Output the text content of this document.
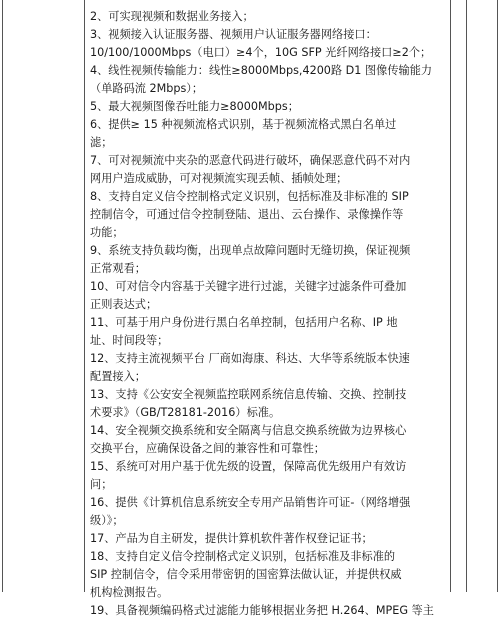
2、可实现视频和数据业务接入；
3、视频接入认证服务器、视频用户认证服务器网络接口：
10/100/1000Mbps（电口）≥4个，10G SFP 光纤网络接口≥2个；
4、线性视频传输能力：线性≥8000Mbps,4200路 D1 图像传输能力
（单路码流 2Mbps）；
5、最大视频图像吞吐能力≥8000Mbps；
6、提供≥ 15 种视频流格式识别，基于视频流格式黑白名单过
滤；
7、可对视频流中夹杂的恶意代码进行破坏，确保恶意代码不对内
网用户造成威胁，可对视频流实现丢帧、插帧处理；
8、支持自定义信令控制格式定义识别，包括标准及非标准的 SIP
控制信令，可通过信令控制登陆、退出、云台操作、录像操作等
功能；
9、系统支持负载均衡，出现单点故障问题时无缝切换，保证视频
正常观看；
10、可对信令内容基于关键字进行过滤，关键字过滤条件可叠加
正则表达式；
11、可基于用户身份进行黑白名单控制，包括用户名称、IP 地
址、时间段等；
12、支持主流视频平台 厂商如海康、科达、大华等系统版本快速
配置接入；
13、支持《公安安全视频监控联网系统信息传输、交换、控制技
术要求》（GB/T28181-2016）标准。
14、安全视频交换系统和安全隔离与信息交换系统做为边界核心
交换平台，应确保设备之间的兼容性和可靠性；
15、系统可对用户基于优先级的设置，保障高优先级用户有效访
问；
16、提供《计算机信息系统安全专用产品销售许可证-（网络增强
级）》；
17、产品为自主研发，提供计算机软件著作权登记证书；
18、支持自定义信令控制格式定义识别，包括标准及非标准的
SIP 控制信令，信令采用带密钥的国密算法做认证，并提供权威
机构检测报告。
19、具备视频编码格式过滤能力能够根据业务把 H.264、MPEG 等主
